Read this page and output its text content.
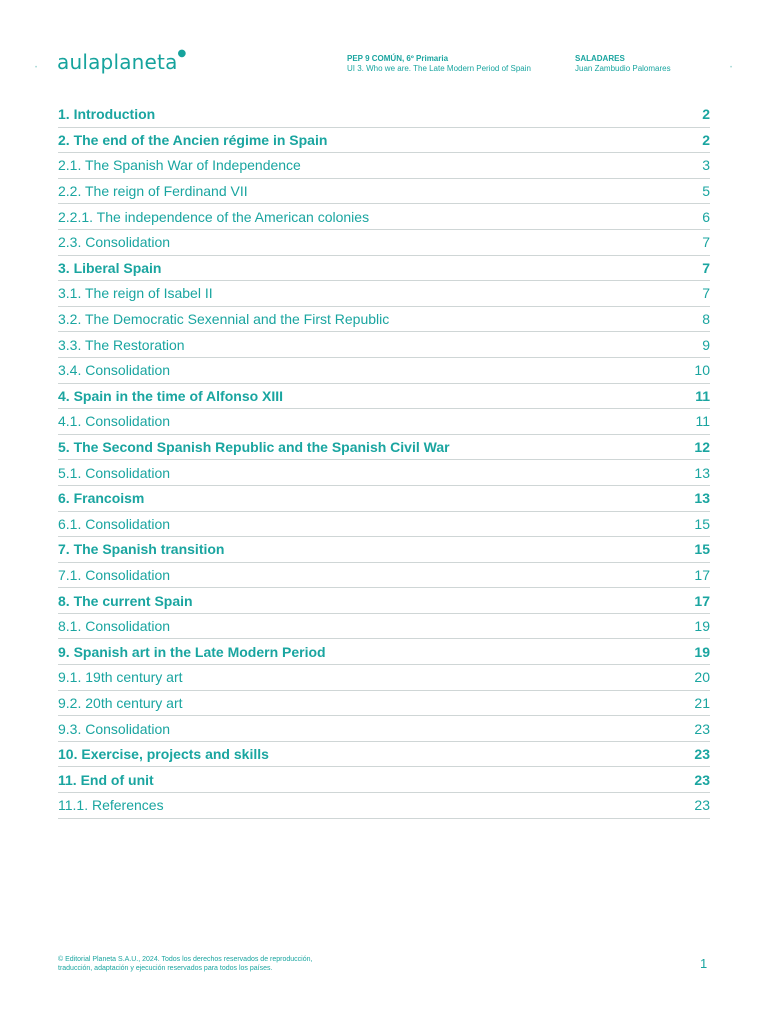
• aulaplaneta●	PEP 9 COMÚN, 6º Primaria
UI 3. Who we are. The Late Modern Period of Spain
SALADARES
Juan Zambudio Palomares	•
1. Introduction	2
2. The end of the Ancien régime in Spain	2
2.1. The Spanish War of Independence	3
2.2. The reign of Ferdinand VII	5
2.2.1. The independence of the American colonies	6
2.3. Consolidation	7
3. Liberal Spain	7
3.1. The reign of Isabel II	7
3.2. The Democratic Sexennial and the First Republic	8
3.3. The Restoration	9
3.4. Consolidation	10
4. Spain in the time of Alfonso XIII	11
4.1. Consolidation	11
5. The Second Spanish Republic and the Spanish Civil War	12
5.1. Consolidation	13
6. Francoism	13
6.1. Consolidation	15
7. The Spanish transition	15
7.1. Consolidation	17
8. The current Spain	17
8.1. Consolidation	19
9. Spanish art in the Late Modern Period	19
9.1. 19th century art	20
9.2. 20th century art	21
9.3. Consolidation	23
10. Exercise, projects and skills	23
11. End of unit	23
11.1. References	23
© Editorial Planeta S.A.U., 2024. Todos los derechos reservados de reproducción,
traducción, adaptación y ejecución reservados para todos los países.	1
